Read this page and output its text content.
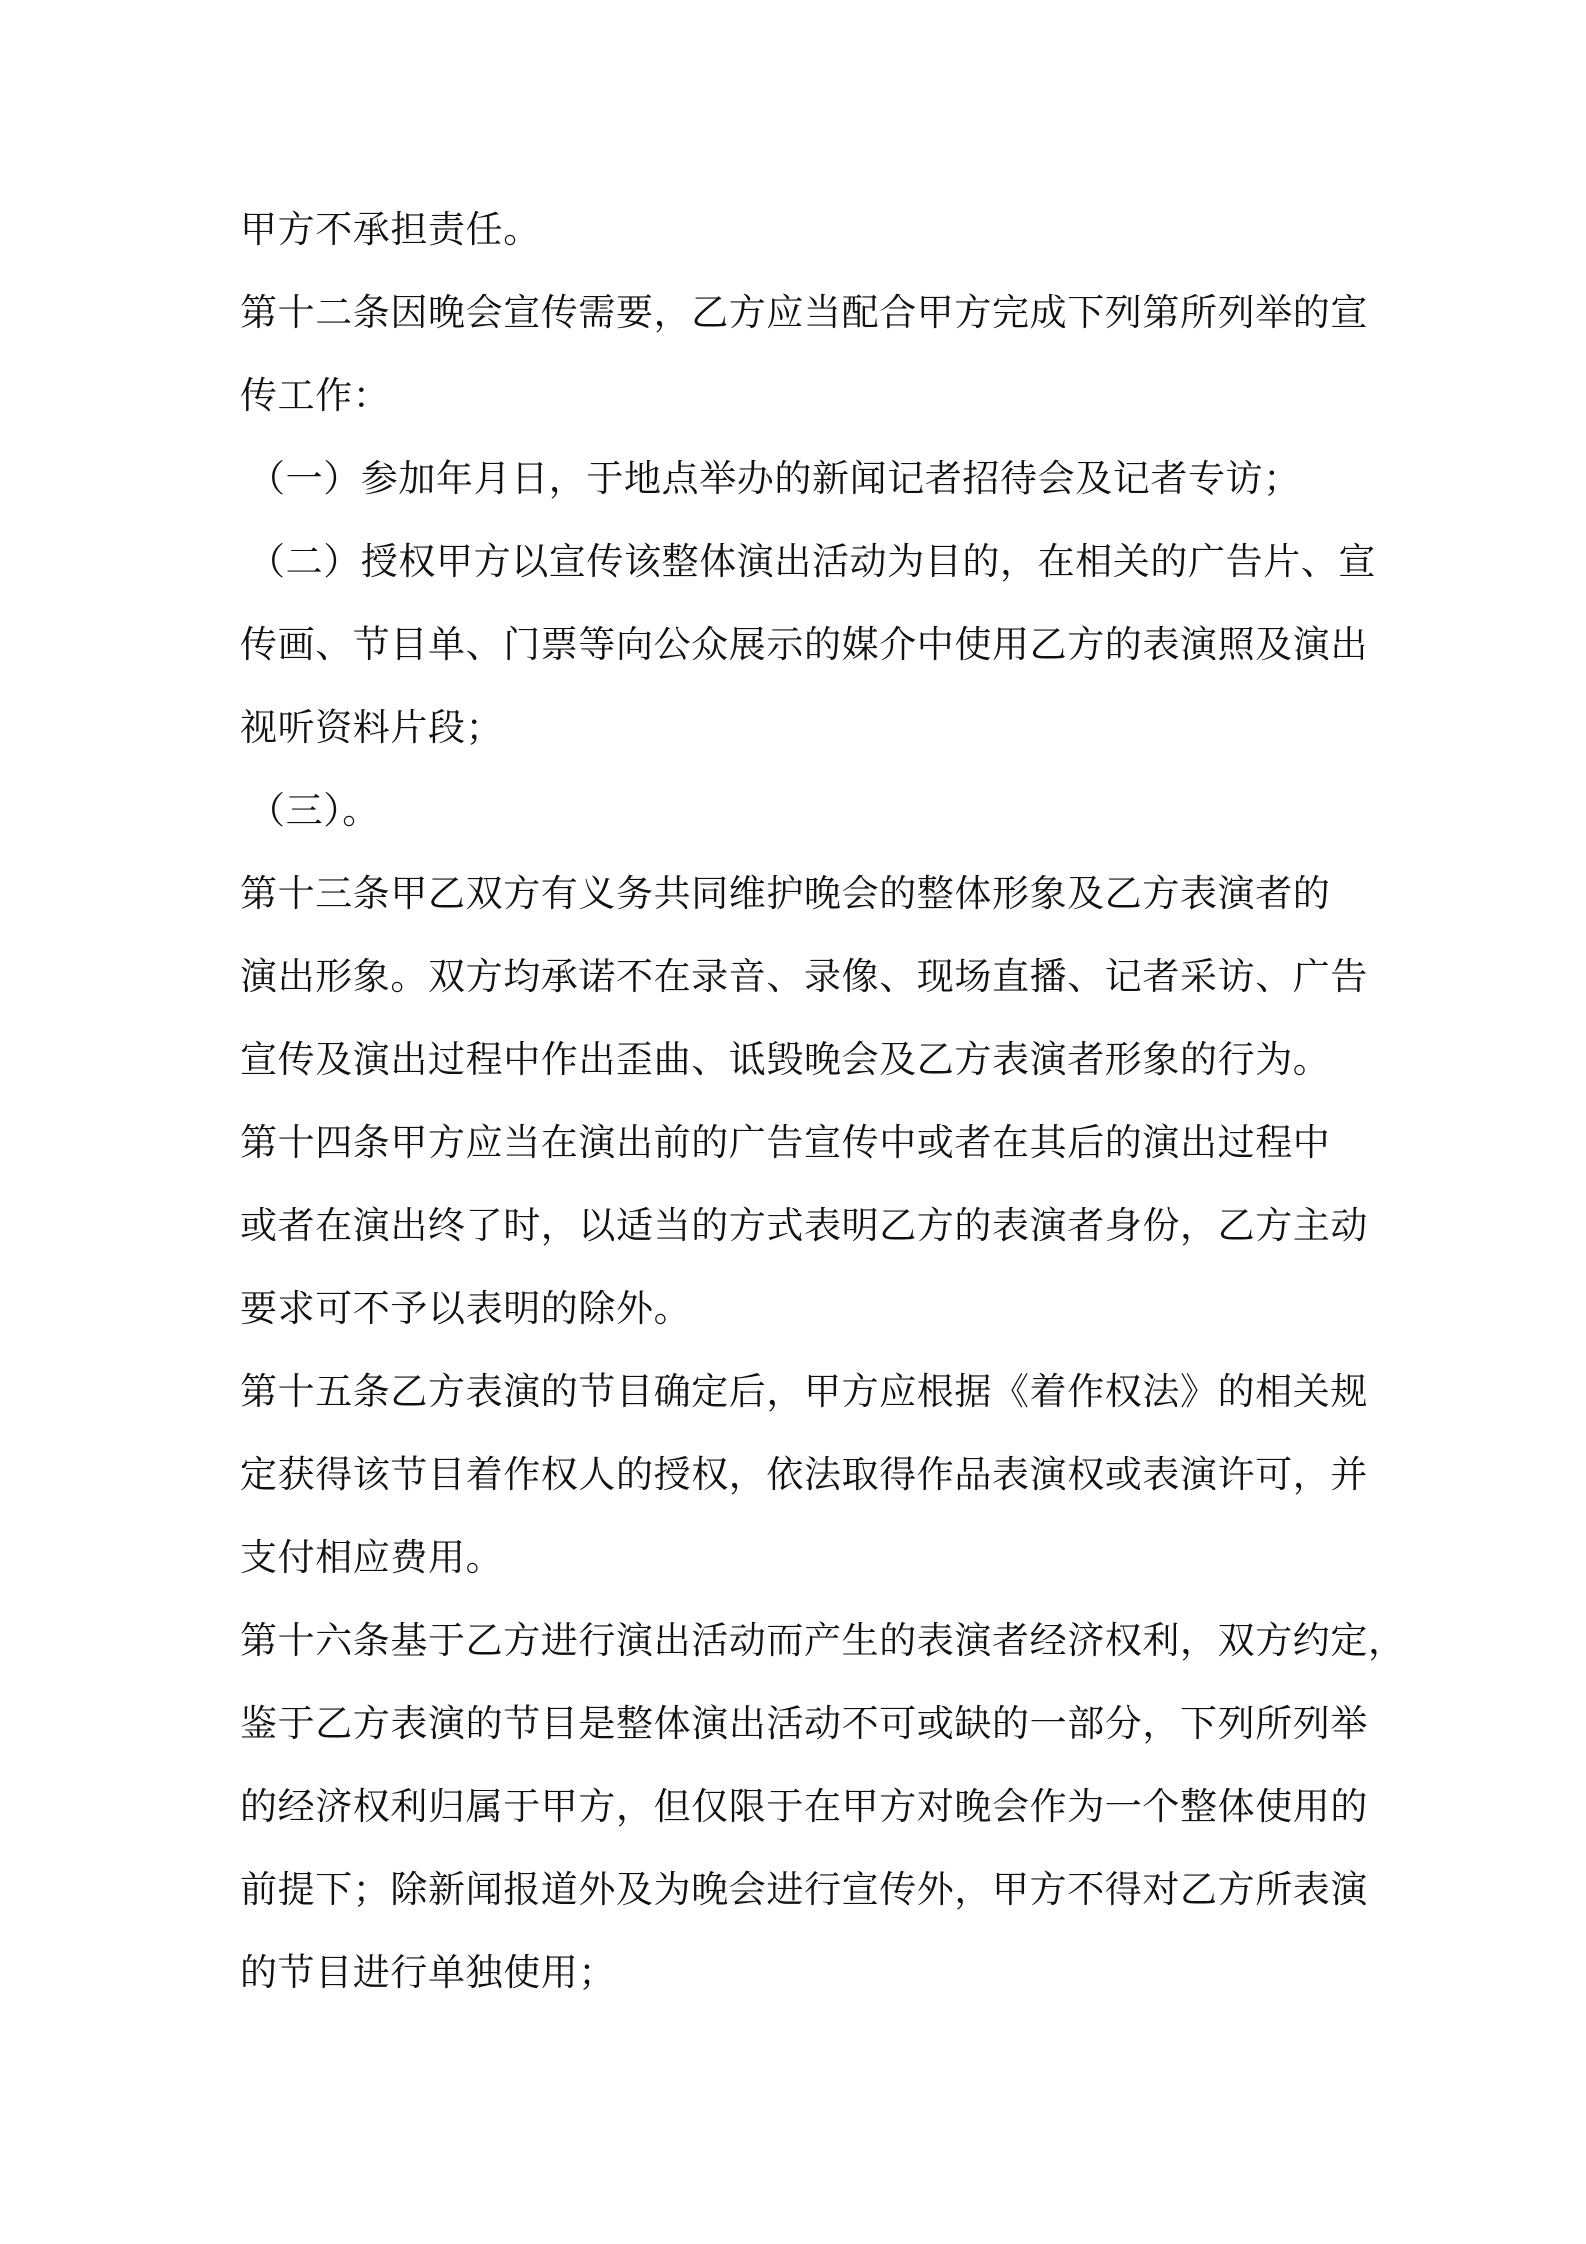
甲方不承担责任。
第十二条因晚会宣传需要，乙方应当配合甲方完成下列第所列举的宣
传工作：
（一）参加年月日，于地点举办的新闻记者招待会及记者专访；
（二）授权甲方以宣传该整体演出活动为目的，在相关的广告片、宣
传画、节目单、门票等向公众展示的媒介中使用乙方的表演照及演出
视听资料片段；
（三）。
第十三条甲乙双方有义务共同维护晚会的整体形象及乙方表演者的
演出形象。双方均承诺不在录音、录像、现场直播、记者采访、广告
宣传及演出过程中作出歪曲、诋毁晚会及乙方表演者形象的行为。
第十四条甲方应当在演出前的广告宣传中或者在其后的演出过程中
或者在演出终了时，以适当的方式表明乙方的表演者身份，乙方主动
要求可不予以表明的除外。
第十五条乙方表演的节目确定后，甲方应根据《着作权法》的相关规
定获得该节目着作权人的授权，依法取得作品表演权或表演许可，并
支付相应费用。
第十六条基于乙方进行演出活动而产生的表演者经济权利，双方约定，
鉴于乙方表演的节目是整体演出活动不可或缺的一部分，下列所列举
的经济权利归属于甲方，但仅限于在甲方对晚会作为一个整体使用的
前提下；除新闻报道外及为晚会进行宣传外，甲方不得对乙方所表演
的节目进行单独使用；
